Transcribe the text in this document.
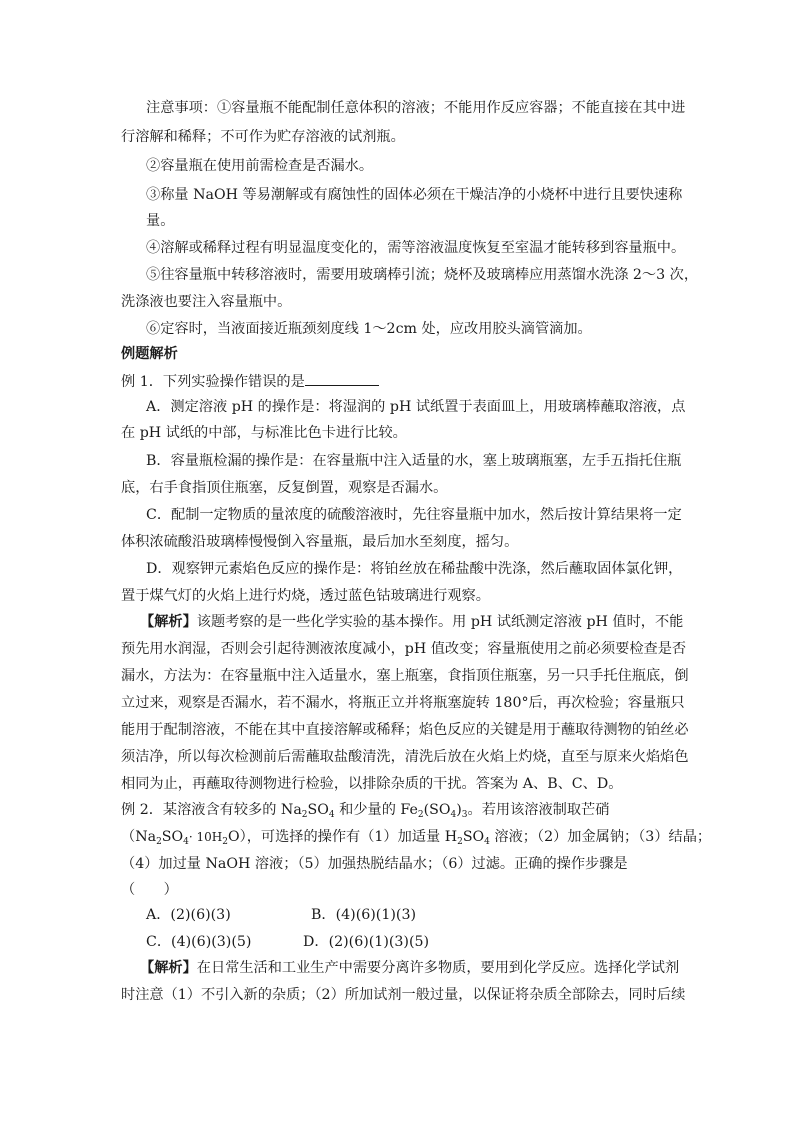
注意事项：①容量瓶不能配制任意体积的溶液；不能用作反应容器；不能直接在其中进
行溶解和稀释；不可作为贮存溶液的试剂瓶。
②容量瓶在使用前需检查是否漏水。
③称量 NaOH 等易潮解或有腐蚀性的固体必须在干燥洁净的小烧杯中进行且要快速称
量。
④溶解或稀释过程有明显温度变化的，需等溶液温度恢复至室温才能转移到容量瓶中。
⑤往容量瓶中转移溶液时，需要用玻璃棒引流；烧杯及玻璃棒应用蒸馏水洗涤 2～3 次，
洗涤液也要注入容量瓶中。
⑥定容时，当液面接近瓶颈刻度线 1～2cm 处，应改用胶头滴管滴加。
例题解析
例 1．下列实验操作错误的是
A．测定溶液 pH 的操作是：将湿润的 pH 试纸置于表面皿上，用玻璃棒蘸取溶液，点
在 pH 试纸的中部，与标准比色卡进行比较。
B．容量瓶检漏的操作是：在容量瓶中注入适量的水，塞上玻璃瓶塞，左手五指托住瓶
底，右手食指顶住瓶塞，反复倒置，观察是否漏水。
C．配制一定物质的量浓度的硫酸溶液时，先往容量瓶中加水，然后按计算结果将一定
体积浓硫酸沿玻璃棒慢慢倒入容量瓶，最后加水至刻度，摇匀。
D．观察钾元素焰色反应的操作是：将铂丝放在稀盐酸中洗涤，然后蘸取固体氯化钾，
置于煤气灯的火焰上进行灼烧，透过蓝色钴玻璃进行观察。
【解析】该题考察的是一些化学实验的基本操作。用 pH 试纸测定溶液 pH 值时，不能
预先用水润湿，否则会引起待测液浓度减小，pH 值改变；容量瓶使用之前必须要检查是否
漏水，方法为：在容量瓶中注入适量水，塞上瓶塞，食指顶住瓶塞，另一只手托住瓶底，倒
立过来，观察是否漏水，若不漏水，将瓶正立并将瓶塞旋转 180°后，再次检验；容量瓶只
能用于配制溶液，不能在其中直接溶解或稀释；焰色反应的关键是用于蘸取待测物的铂丝必
须洁净，所以每次检测前后需蘸取盐酸清洗，清洗后放在火焰上灼烧，直至与原来火焰焰色
相同为止，再蘸取待测物进行检验，以排除杂质的干扰。答案为 A、B、C、D。
例 2．某溶液含有较多的 $Na_2SO_4$ 和少量的 $Fe_2(SO_4)_3$。若用该溶液制取芒硝
$(Na_2SO_4\cdot 10H_2O)$，可选择的操作有（1）加适量 $H_2SO_4$ 溶液；（2）加金属钠；（3）结晶；
（4）加过量 NaOH 溶液；（5）加强热脱结晶水；（6）过滤。正确的操作步骤是
（　　）
A．(2)(6)(3)	B．(4)(6)(1)(3)
C．(4)(6)(3)(5)	D．(2)(6)(1)(3)(5)
【解析】在日常生活和工业生产中需要分离许多物质，要用到化学反应。选择化学试剂
时注意（1）不引入新的杂质；（2）所加试剂一般过量，以保证将杂质全部除去，同时后续
